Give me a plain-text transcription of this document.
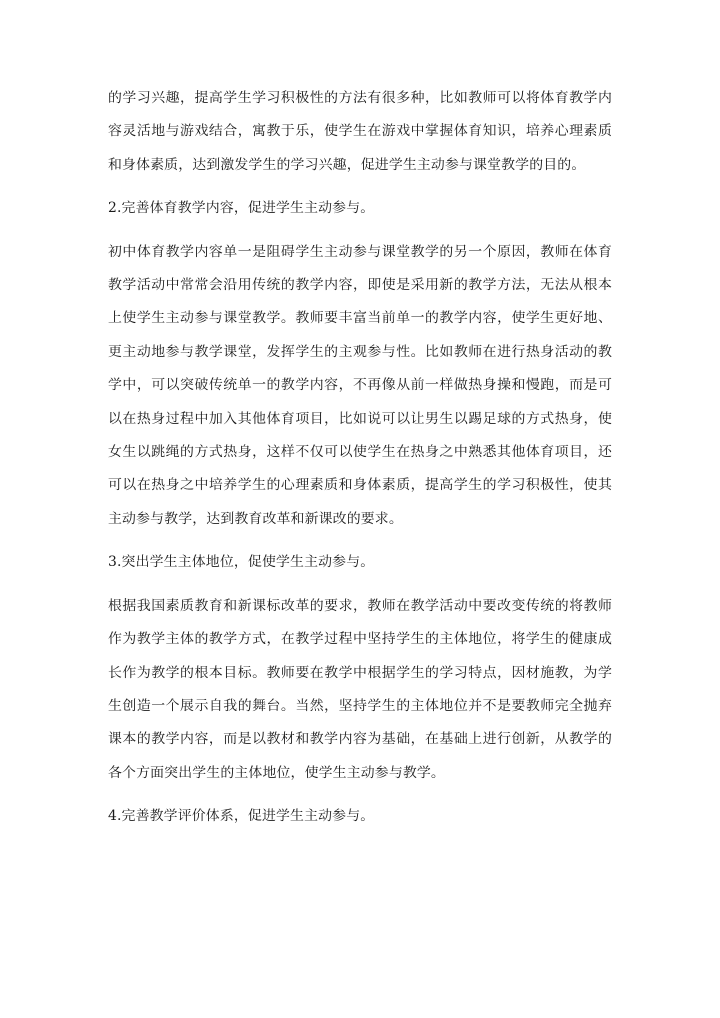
的学习兴趣，提高学生学习积极性的方法有很多种，比如教师可以将体育教学内容灵活地与游戏结合，寓教于乐，使学生在游戏中掌握体育知识，培养心理素质和身体素质，达到激发学生的学习兴趣，促进学生主动参与课堂教学的目的。

2.完善体育教学内容，促进学生主动参与。

初中体育教学内容单一是阻碍学生主动参与课堂教学的另一个原因，教师在体育教学活动中常常会沿用传统的教学内容，即使是采用新的教学方法，无法从根本上使学生主动参与课堂教学。教师要丰富当前单一的教学内容，使学生更好地、更主动地参与教学课堂，发挥学生的主观参与性。比如教师在进行热身活动的教学中，可以突破传统单一的教学内容，不再像从前一样做热身操和慢跑，而是可以在热身过程中加入其他体育项目，比如说可以让男生以踢足球的方式热身，使女生以跳绳的方式热身，这样不仅可以使学生在热身之中熟悉其他体育项目，还可以在热身之中培养学生的心理素质和身体素质，提高学生的学习积极性，使其主动参与教学，达到教育改革和新课改的要求。

3.突出学生主体地位，促使学生主动参与。

根据我国素质教育和新课标改革的要求，教师在教学活动中要改变传统的将教师作为教学主体的教学方式，在教学过程中坚持学生的主体地位，将学生的健康成长作为教学的根本目标。教师要在教学中根据学生的学习特点，因材施教，为学生创造一个展示自我的舞台。当然，坚持学生的主体地位并不是要教师完全抛弃课本的教学内容，而是以教材和教学内容为基础，在基础上进行创新，从教学的各个方面突出学生的主体地位，使学生主动参与教学。

4.完善教学评价体系，促进学生主动参与。
